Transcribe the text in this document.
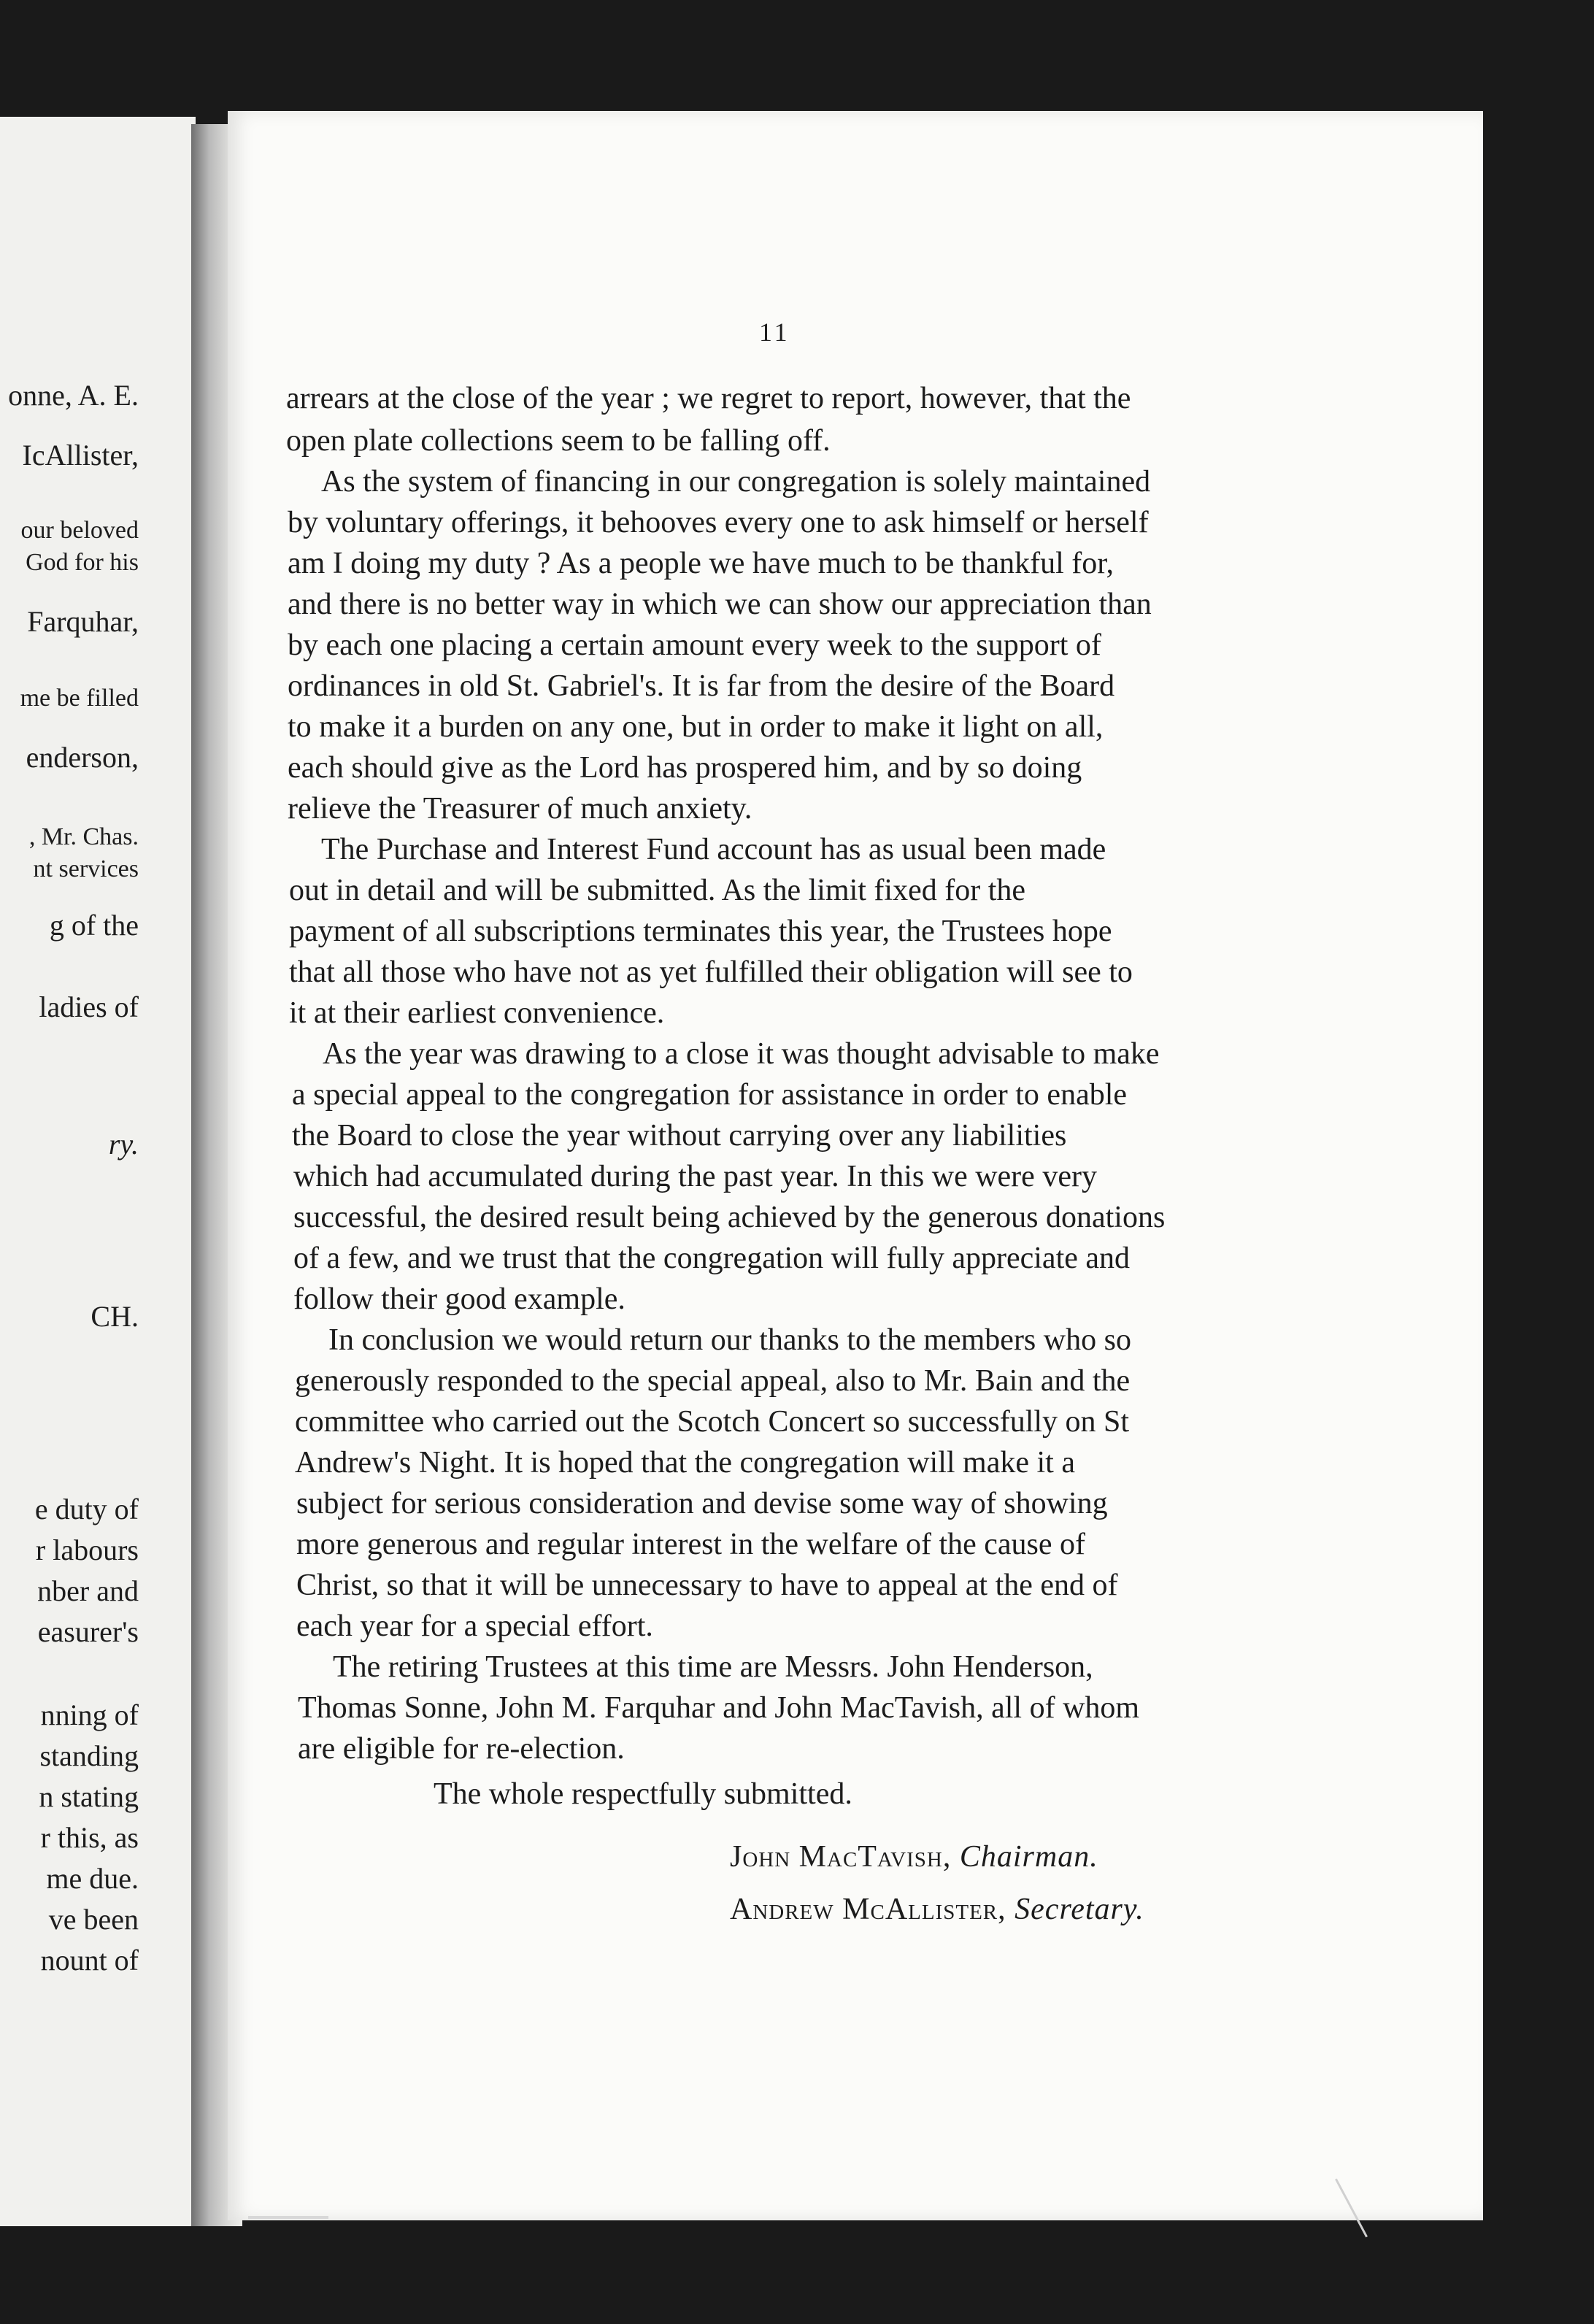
onne, A. E.
IcAllister,
our beloved
God for his
Farquhar,
me be filled
enderson,
, Mr. Chas.
nt services
g of the
ladies of
ry.
CH.
e duty of
r labours
nber and
easurer's
nning of
standing
n stating
r this, as
me due.
ve been
nount of
11
arrears at the close of the year ; we regret to report, however, that the
open plate collections seem to be falling off.
As the system of financing in our congregation is solely maintained
by voluntary offerings, it behooves every one to ask himself or herself
am I doing my duty ? As a people we have much to be thankful for,
and there is no better way in which we can show our appreciation than
by each one placing a certain amount every week to the support of
ordinances in old St. Gabriel's. It is far from the desire of the Board
to make it a burden on any one, but in order to make it light on all,
each should give as the Lord has prospered him, and by so doing
relieve the Treasurer of much anxiety.
The Purchase and Interest Fund account has as usual been made
out in detail and will be submitted. As the limit fixed for the
payment of all subscriptions terminates this year, the Trustees hope
that all those who have not as yet fulfilled their obligation will see to
it at their earliest convenience.
As the year was drawing to a close it was thought advisable to make
a special appeal to the congregation for assistance in order to enable
the Board to close the year without carrying over any liabilities
which had accumulated during the past year. In this we were very
successful, the desired result being achieved by the generous donations
of a few, and we trust that the congregation will fully appreciate and
follow their good example.
In conclusion we would return our thanks to the members who so
generously responded to the special appeal, also to Mr. Bain and the
committee who carried out the Scotch Concert so successfully on St
Andrew's Night. It is hoped that the congregation will make it a
subject for serious consideration and devise some way of showing
more generous and regular interest in the welfare of the cause of
Christ, so that it will be unnecessary to have to appeal at the end of
each year for a special effort.
The retiring Trustees at this time are Messrs. John Henderson,
Thomas Sonne, John M. Farquhar and John MacTavish, all of whom
are eligible for re-election.
The whole respectfully submitted.
John MacTavish, Chairman.
Andrew McAllister, Secretary.
